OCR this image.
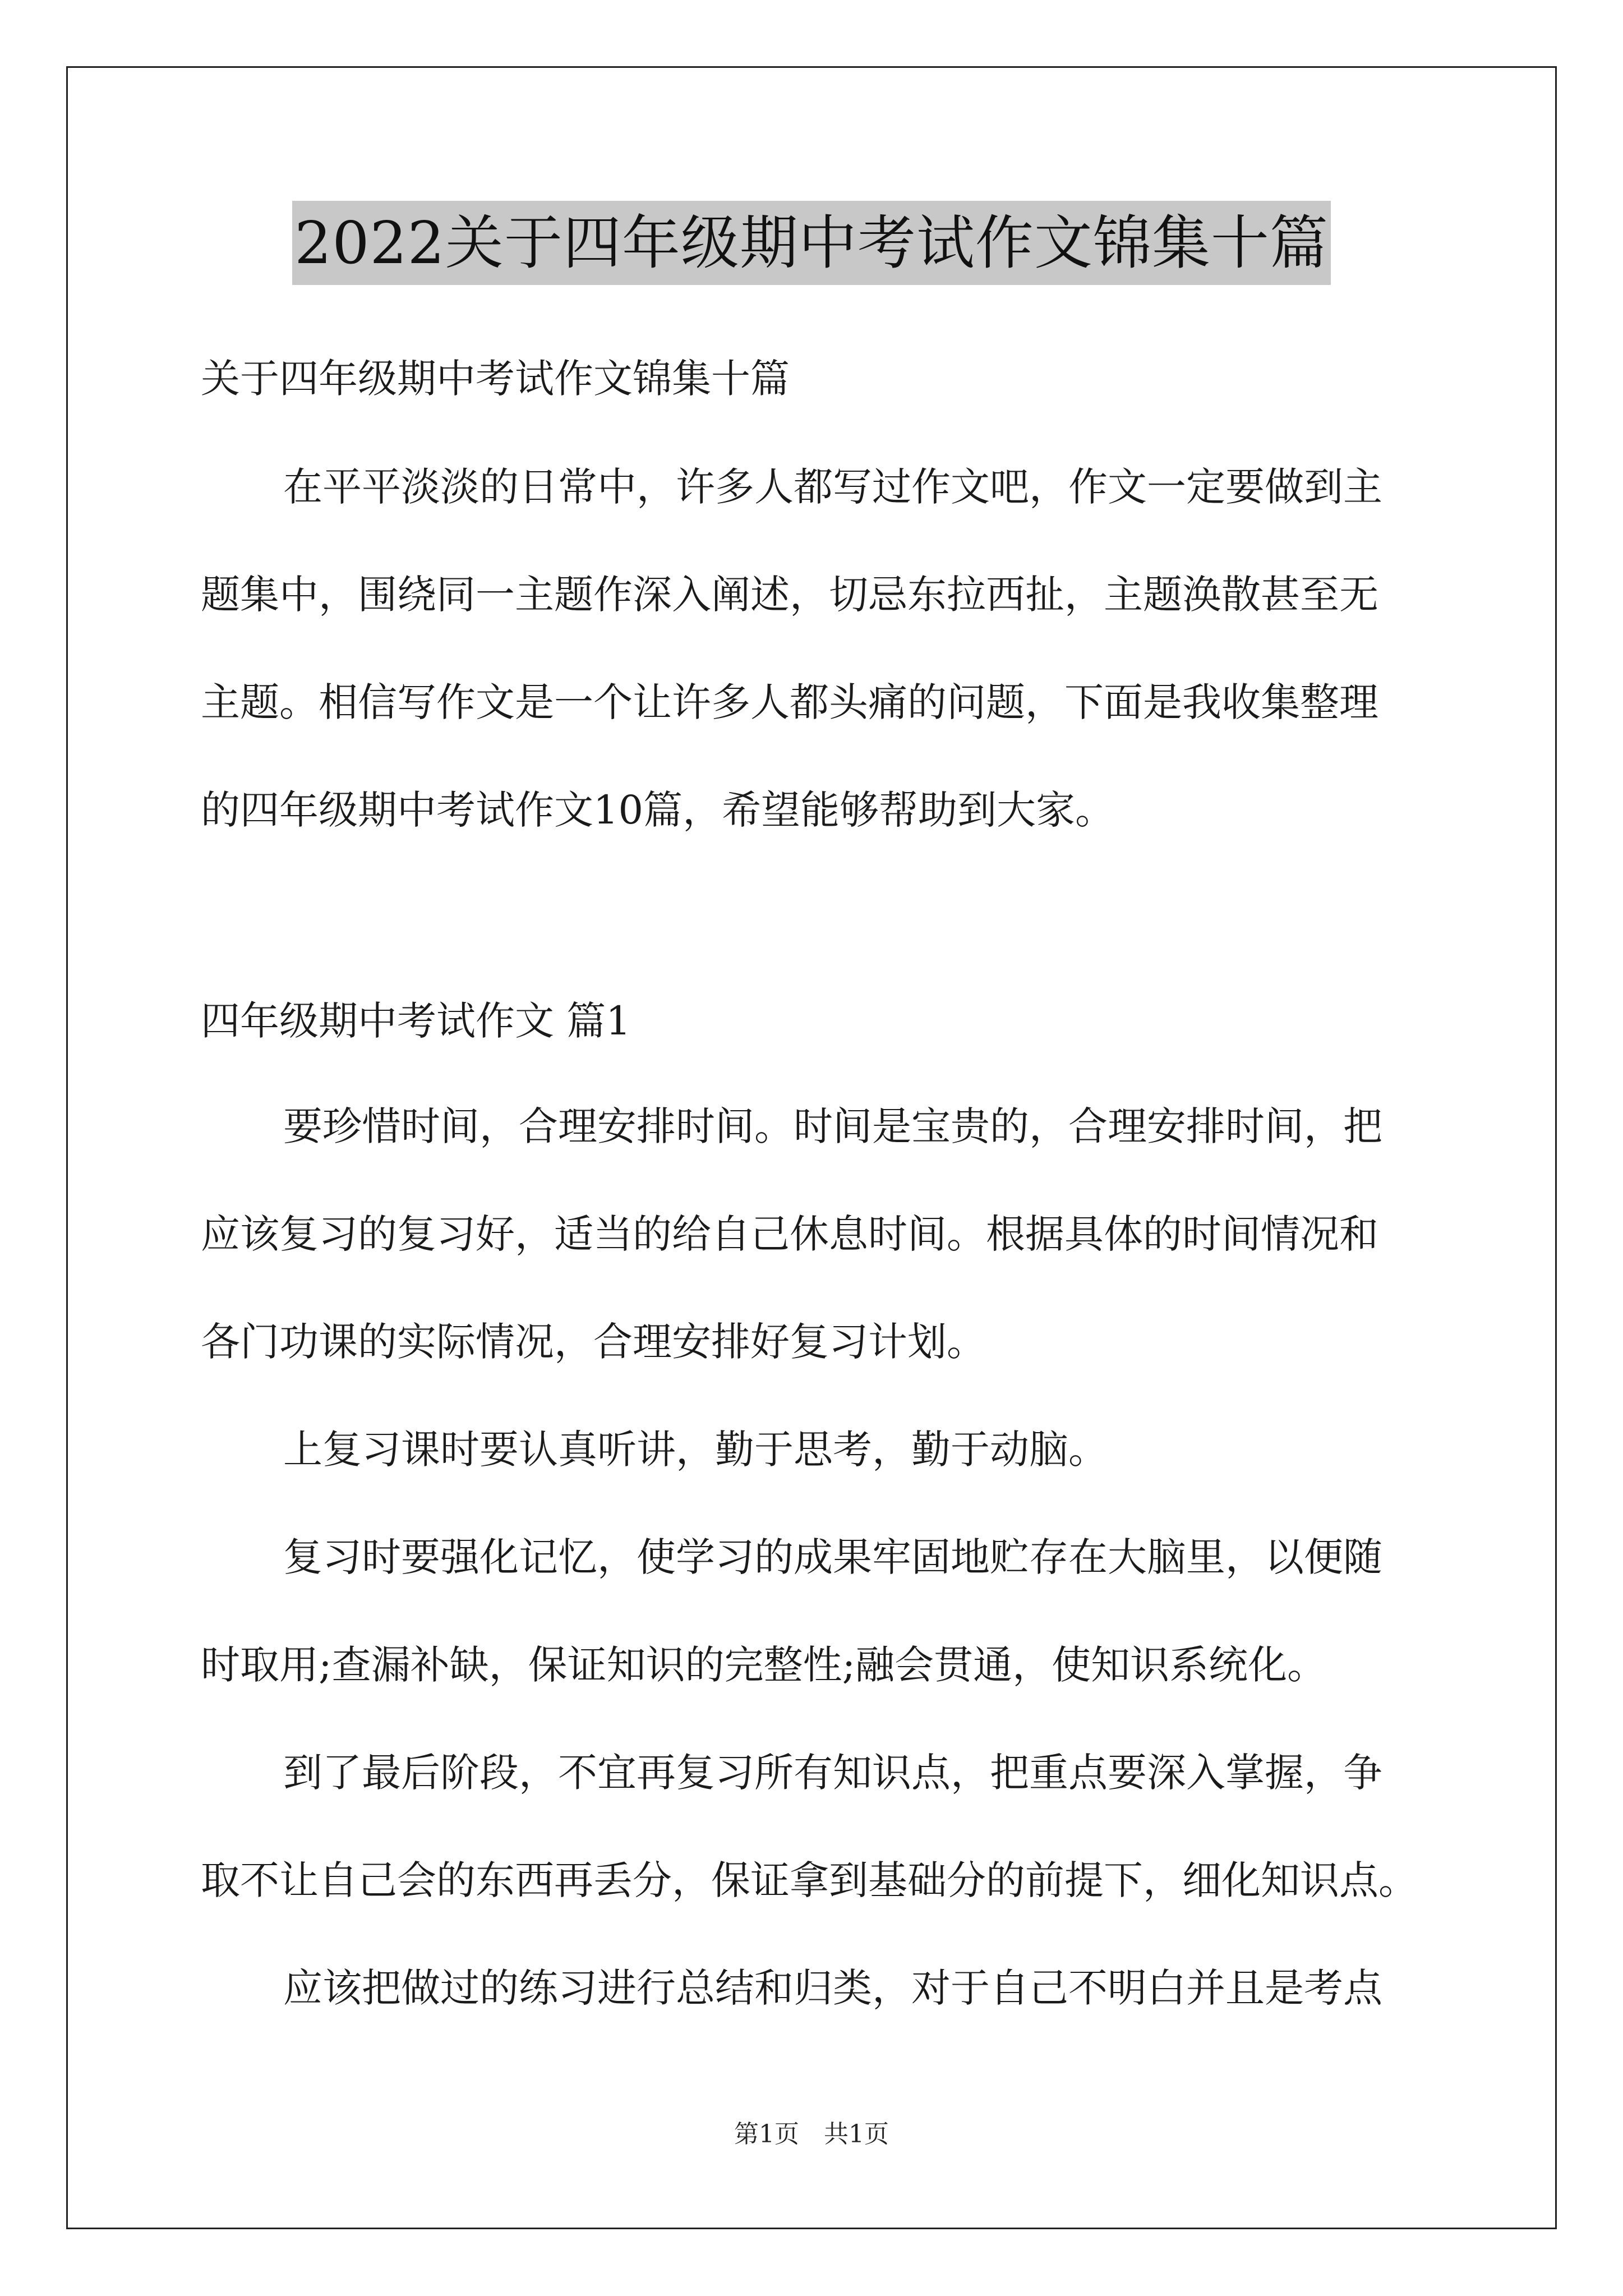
2022关于四年级期中考试作文锦集十篇
关于四年级期中考试作文锦集十篇
在平平淡淡的日常中，许多人都写过作文吧，作文一定要做到主
题集中，围绕同一主题作深入阐述，切忌东拉西扯，主题涣散甚至无
主题。相信写作文是一个让许多人都头痛的问题，下面是我收集整理
的四年级期中考试作文10篇，希望能够帮助到大家。
四年级期中考试作文 篇1
要珍惜时间，合理安排时间。时间是宝贵的，合理安排时间，把
应该复习的复习好，适当的给自己休息时间。根据具体的时间情况和
各门功课的实际情况，合理安排好复习计划。
上复习课时要认真听讲，勤于思考，勤于动脑。
复习时要强化记忆，使学习的成果牢固地贮存在大脑里，以便随
时取用;查漏补缺，保证知识的完整性;融会贯通，使知识系统化。
到了最后阶段，不宜再复习所有知识点，把重点要深入掌握，争
取不让自己会的东西再丢分，保证拿到基础分的前提下，细化知识点。
应该把做过的练习进行总结和归类，对于自己不明白并且是考点
第1页　共1页
